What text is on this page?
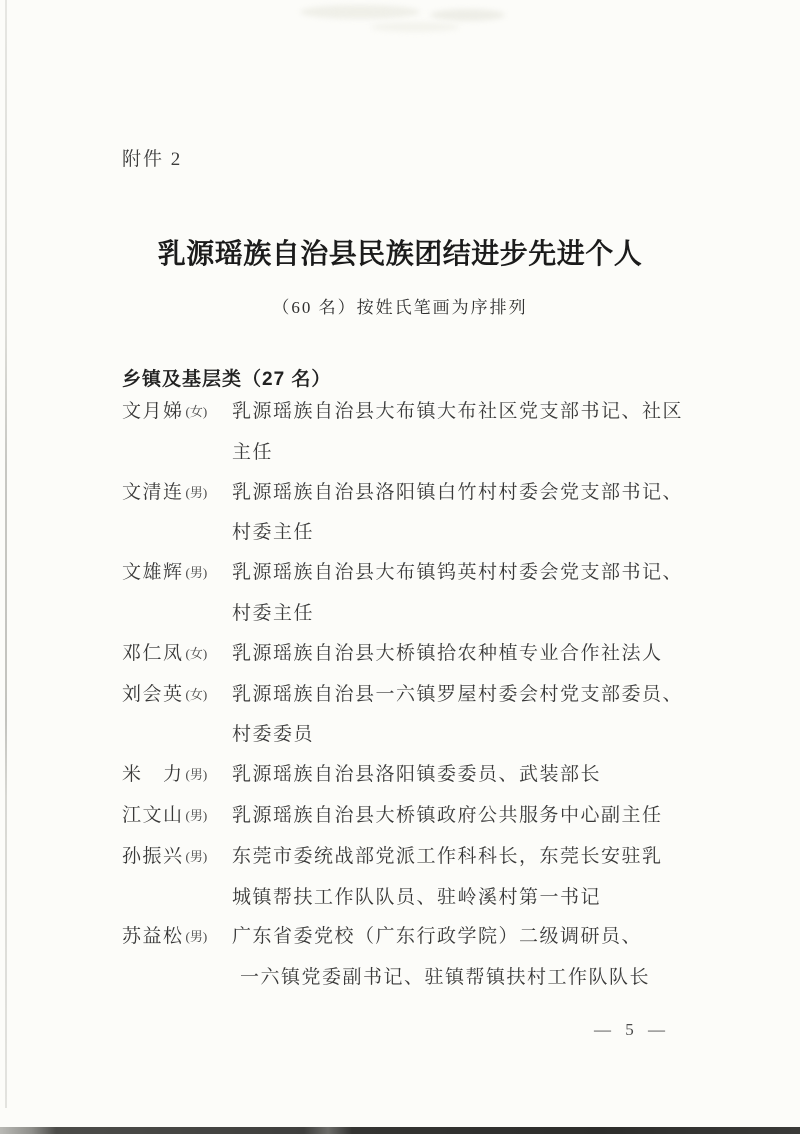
附件 2
乳源瑶族自治县民族团结进步先进个人
（60 名）按姓氏笔画为序排列
乡镇及基层类（27 名）
文月娣 (女)	乳源瑶族自治县大布镇大布社区党支部书记、社区
主任
文清连 (男)	乳源瑶族自治县洛阳镇白竹村村委会党支部书记、
村委主任
文雄辉 (男)	乳源瑶族自治县大布镇钨英村村委会党支部书记、
村委主任
邓仁凤 (女)	乳源瑶族自治县大桥镇拾农种植专业合作社法人
刘会英 (女)	乳源瑶族自治县一六镇罗屋村委会村党支部委员、
村委委员
米　力 (男)	乳源瑶族自治县洛阳镇委委员、武装部长
江文山 (男)	乳源瑶族自治县大桥镇政府公共服务中心副主任
孙振兴 (男)	东莞市委统战部党派工作科科长，东莞长安驻乳
城镇帮扶工作队队员、驻岭溪村第一书记
苏益松 (男)	广东省委党校（广东行政学院）二级调研员、
一六镇党委副书记、驻镇帮镇扶村工作队队长
— 5 —
